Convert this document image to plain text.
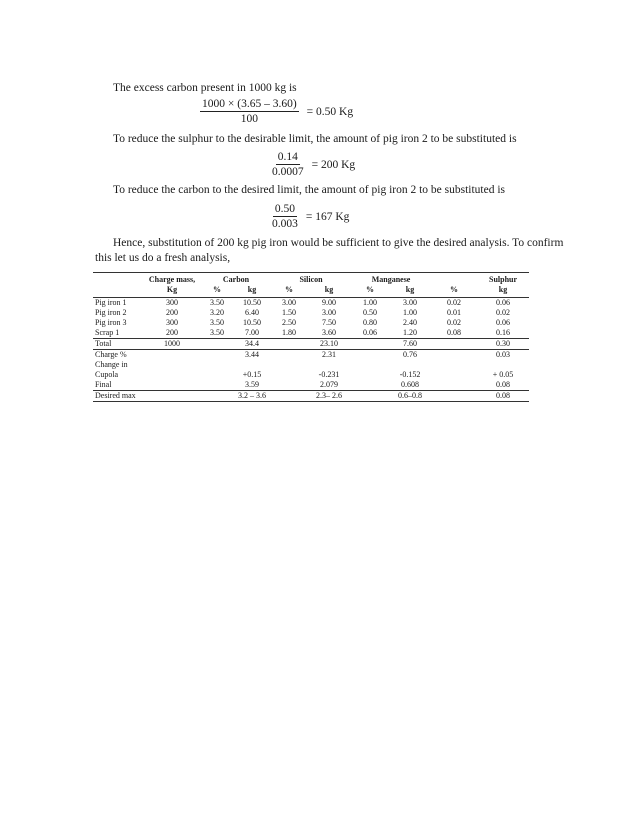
The excess carbon present in 1000 kg is
$\frac{1000 \times (3.65 - 3.60)}{100} = 0.50$ Kg
To reduce the sulphur to the desirable limit, the amount of pig iron 2 to be substituted is
$\frac{0.14}{0.0007} = 200$ Kg
To reduce the carbon to the desired limit, the amount of pig iron 2 to be substituted is
$\frac{0.50}{0.003} = 167$ Kg
Hence, substitution of 200 kg pig iron would be sufficient to give the desired analysis. To confirm
this let us do a fresh analysis,
	Charge mass,	Carbon		Silicon		Manganese			Sulphur
	Kg	%	kg	%	kg	%	kg	%	kg
Pig iron 1	300	3.50	10.50	3.00	9.00	1.00	3.00	0.02	0.06
Pig iron 2	200	3.20	6.40	1.50	3.00	0.50	1.00	0.01	0.02
Pig iron 3	300	3.50	10.50	2.50	7.50	0.80	2.40	0.02	0.06
Scrap 1	200	3.50	7.00	1.80	3.60	0.06	1.20	0.08	0.16
Total	1000		34.4		23.10		7.60		0.30
Charge %			3.44		2.31		0.76		0.03
Change in									
Cupola			+0.15		-0.231		-0.152		+ 0.05
Final			3.59		2.079		0.608		0.08
Desired max			3.2 – 3.6		2.3– 2.6		0.6–0.8		0.08
